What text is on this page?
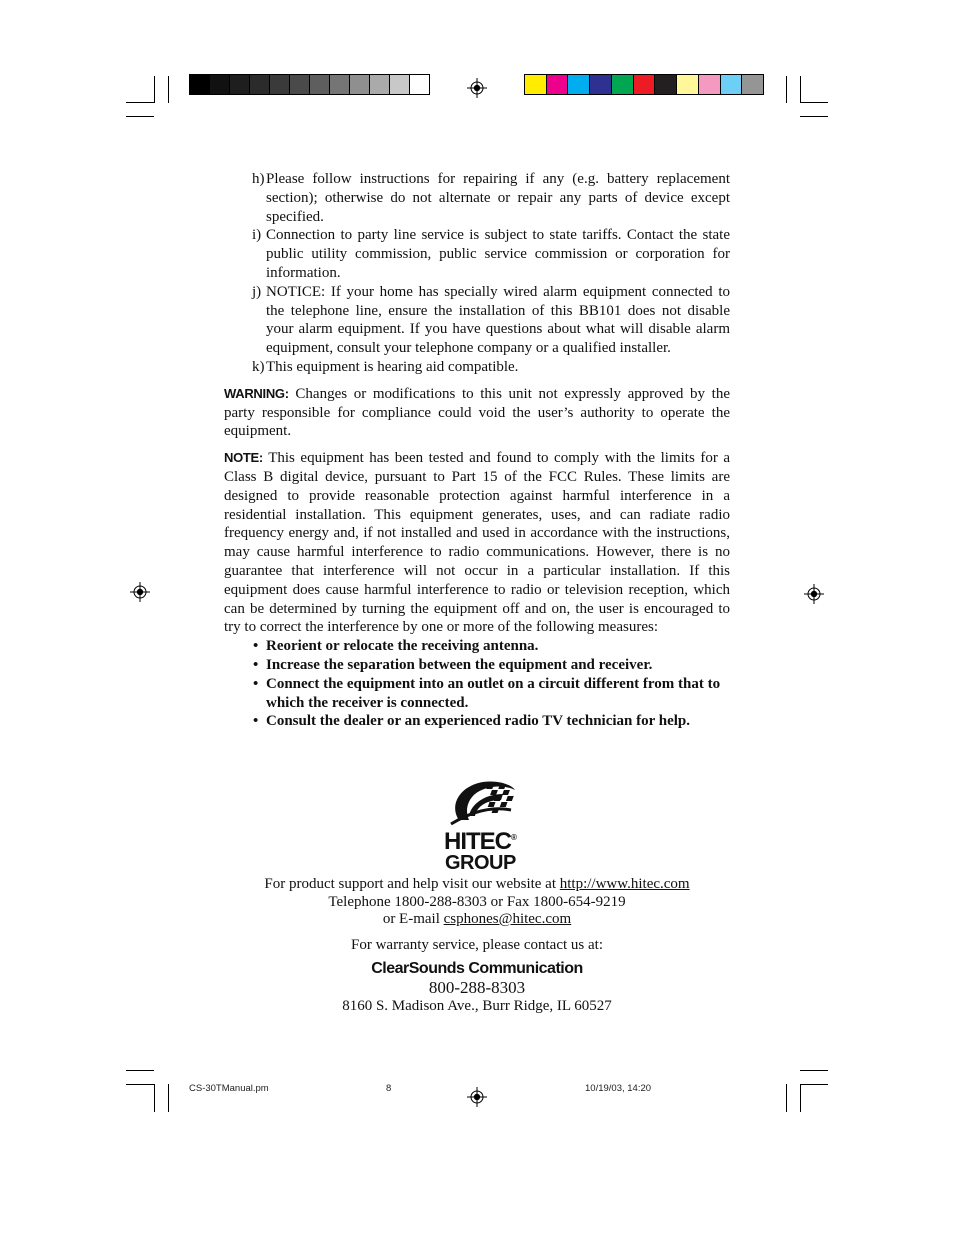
h) Please follow instructions for repairing if any (e.g. battery replacement section); otherwise do not alternate or repair any parts of device except specified.
i) Connection to party line service is subject to state tariffs. Contact the state public utility commission, public service commission or corporation for information.
j) NOTICE: If your home has specially wired alarm equipment connected to the telephone line, ensure the installation of this BB101 does not disable your alarm equipment. If you have questions about what will disable alarm equipment, consult your telephone company or a qualified installer.
k) This equipment is hearing aid compatible.
WARNING: Changes or modifications to this unit not expressly approved by the party responsible for compliance could void the user’s authority to operate the equipment.
NOTE: This equipment has been tested and found to comply with the limits for a Class B digital device, pursuant to Part 15 of the FCC Rules. These limits are designed to provide reasonable protection against harmful interference in a residential installation. This equipment generates, uses, and can radiate radio frequency energy and, if not installed and used in accordance with the instructions, may cause harmful interference to radio communications. However, there is no guarantee that interference will not occur in a particular installation. If this equipment does cause harmful interference to radio or television reception, which can be determined by turning the equipment off and on, the user is encouraged to try to correct the interference by one or more of the following measures:
• Reorient or relocate the receiving antenna.
• Increase the separation between the equipment and receiver.
• Connect the equipment into an outlet on a circuit different from that to which the receiver is connected.
• Consult the dealer or an experienced radio TV technician for help.
HITEC®
GROUP
For product support and help visit our website at http://www.hitec.com
Telephone 1800-288-8303 or Fax 1800-654-9219
or E-mail csphones@hitec.com
For warranty service, please contact us at:
ClearSounds Communication
800-288-8303
8160 S. Madison Ave., Burr Ridge, IL 60527
CS-30TManual.pm	8	10/19/03, 14:20
